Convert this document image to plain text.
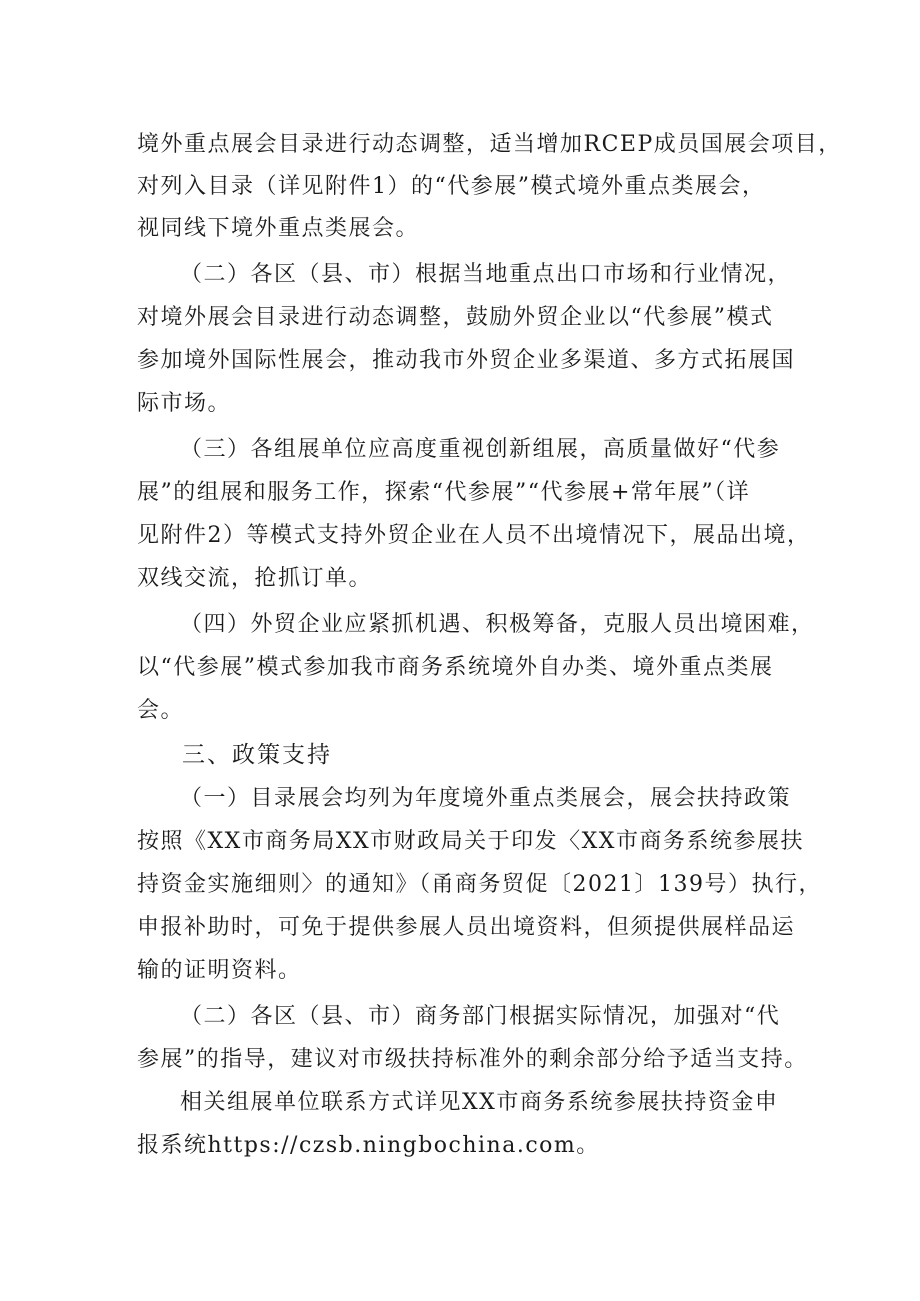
境外重点展会目录进行动态调整，适当增加RCEP成员国展会项目，
对列入目录（详见附件1）的“代参展”模式境外重点类展会，
视同线下境外重点类展会。
（二）各区（县、市）根据当地重点出口市场和行业情况，
对境外展会目录进行动态调整，鼓励外贸企业以“代参展”模式
参加境外国际性展会，推动我市外贸企业多渠道、多方式拓展国
际市场。
（三）各组展单位应高度重视创新组展，高质量做好“代参
展”的组展和服务工作，探索“代参展”“代参展+常年展”（详
见附件2）等模式支持外贸企业在人员不出境情况下，展品出境，
双线交流，抢抓订单。
（四）外贸企业应紧抓机遇、积极筹备，克服人员出境困难，
以“代参展”模式参加我市商务系统境外自办类、境外重点类展
会。
三、政策支持
（一）目录展会均列为年度境外重点类展会，展会扶持政策
按照《XX市商务局XX市财政局关于印发〈XX市商务系统参展扶
持资金实施细则〉的通知》（甬商务贸促〔2021〕139号）执行，
申报补助时，可免于提供参展人员出境资料，但须提供展样品运
输的证明资料。
（二）各区（县、市）商务部门根据实际情况，加强对“代
参展”的指导，建议对市级扶持标准外的剩余部分给予适当支持。
相关组展单位联系方式详见XX市商务系统参展扶持资金申
报系统https://czsb.ningbochina.com。
